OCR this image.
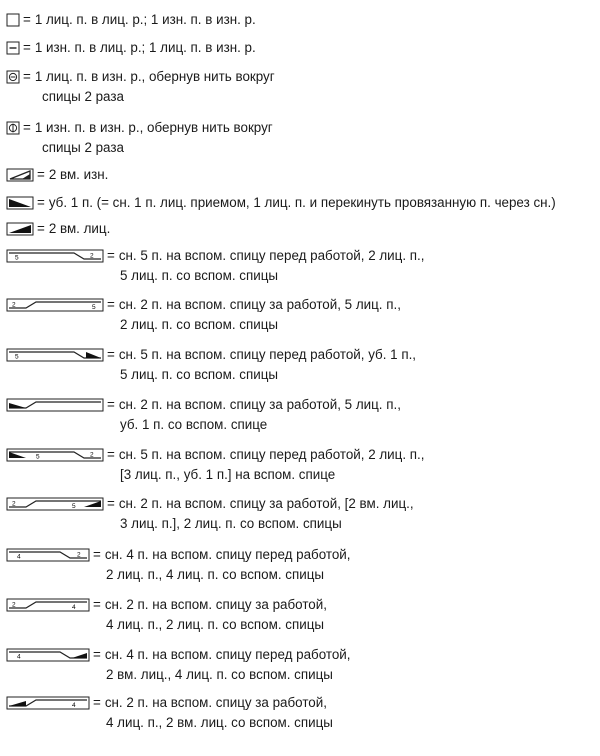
= 1 лиц. п. в лиц. р.; 1 изн. п. в изн. р.
= 1 изн. п. в лиц. р.; 1 лиц. п. в изн. р.
= 1 лиц. п. в изн. р., обернув нить вокруг
спицы 2 раза
= 1 изн. п. в изн. р., обернув нить вокруг
спицы 2 раза
= 2 вм. изн.
= уб. 1 п. (= сн. 1 п. лиц. приемом, 1 лиц. п. и перекинуть провязанную п. через сн.)
= 2 вм. лиц.
5	2 = сн. 5 п. на вспом. спицу перед работой, 2 лиц. п.,
5 лиц. п. со вспом. спицы
2	5 = сн. 2 п. на вспом. спицу за работой, 5 лиц. п.,
2 лиц. п. со вспом. спицы
5	= сн. 5 п. на вспом. спицу перед работой, уб. 1 п.,
5 лиц. п. со вспом. спицы
= сн. 2 п. на вспом. спицу за работой, 5 лиц. п.,
уб. 1 п. со вспом. спице
5	2 = сн. 5 п. на вспом. спицу перед работой, 2 лиц. п.,
[3 лиц. п., уб. 1 п.] на вспом. спице
2	5 = сн. 2 п. на вспом. спицу за работой, [2 вм. лиц.,
3 лиц. п.], 2 лиц. п. со вспом. спицы
4	2 = сн. 4 п. на вспом. спицу перед работой,
2 лиц. п., 4 лиц. п. со вспом. спицы
2	4 = сн. 2 п. на вспом. спицу за работой,
4 лиц. п., 2 лиц. п. со вспом. спицы
4	= сн. 4 п. на вспом. спицу перед работой,
2 вм. лиц., 4 лиц. п. со вспом. спицы
4 = сн. 2 п. на вспом. спицу за работой,
4 лиц. п., 2 вм. лиц. со вспом. спицы
